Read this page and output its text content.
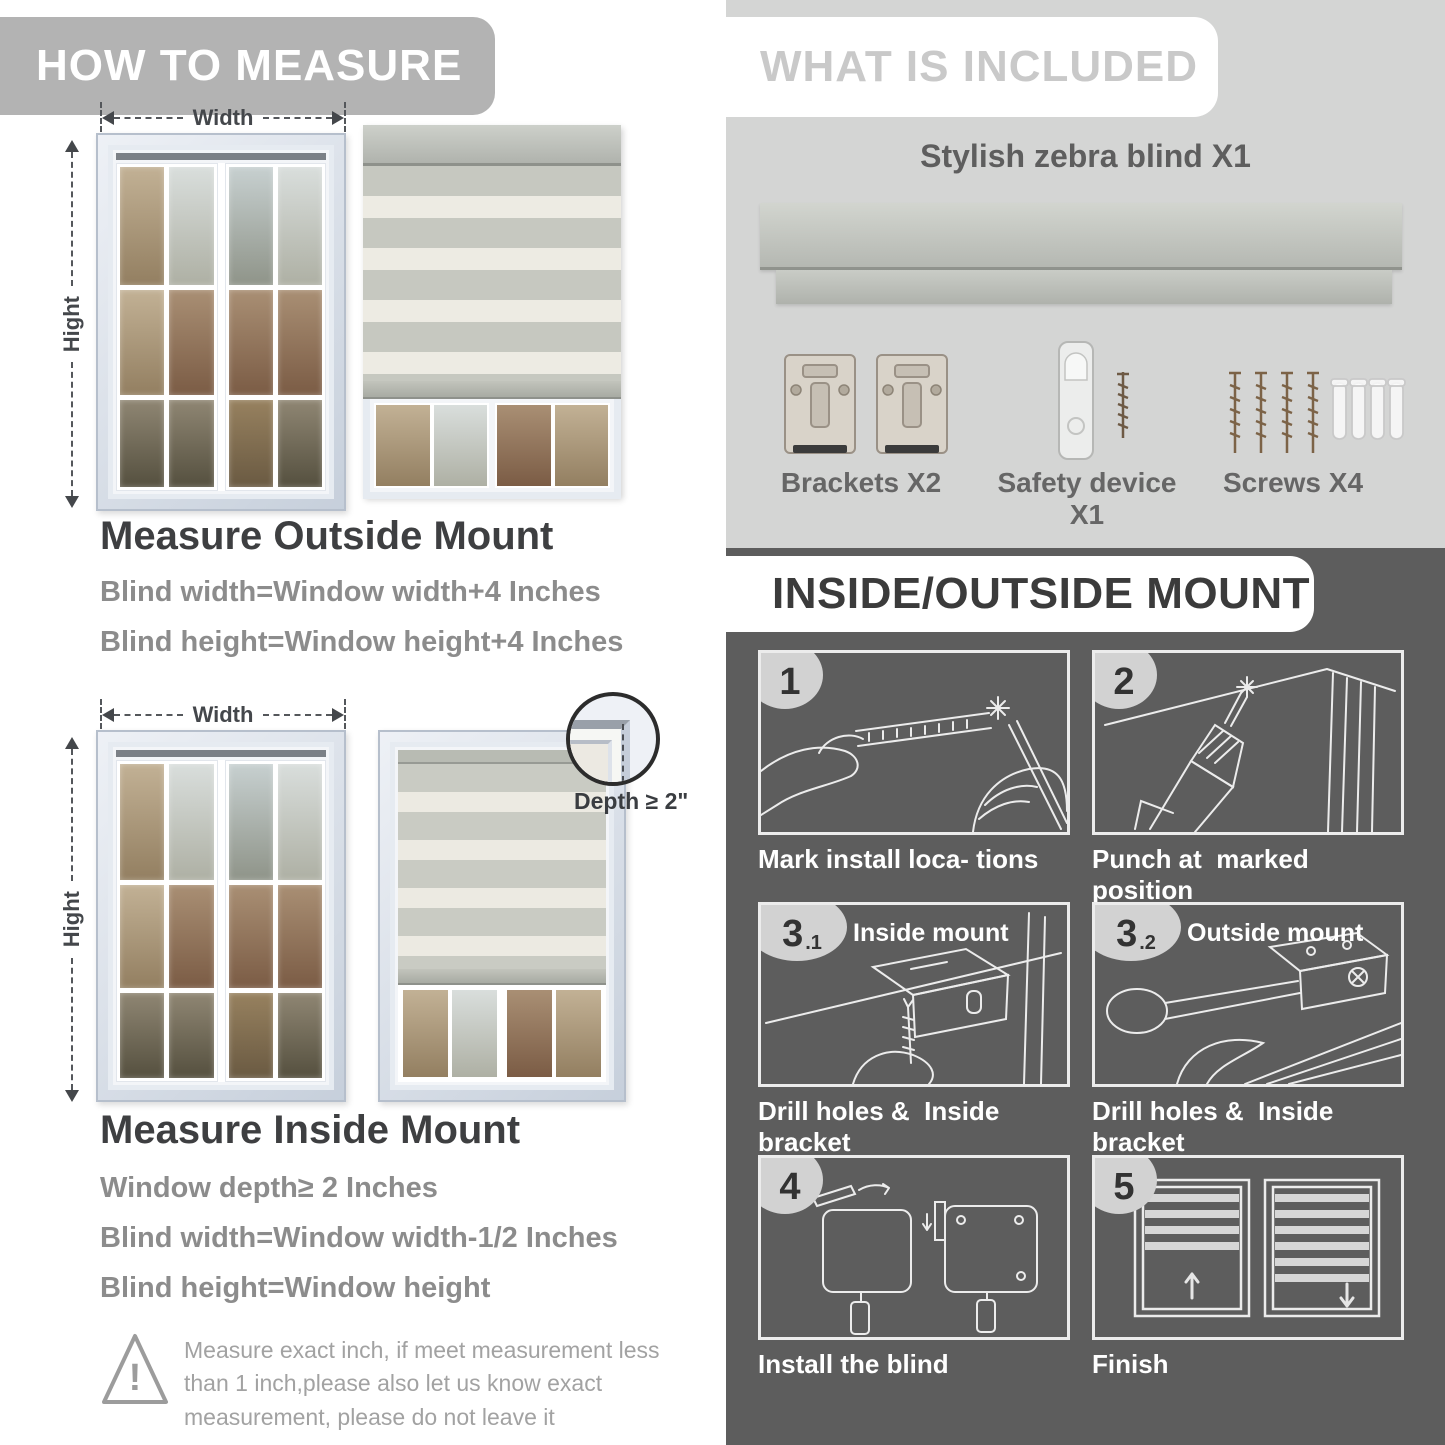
HOW TO MEASURE
Width
Hight
Measure Outside Mount
Blind width=Window width+4 Inches
Blind height=Window height+4 Inches
Width
Hight
Depth ≥ 2"
Measure Inside Mount
Window depth≥ 2 Inches
Blind width=Window width-1/2 Inches
Blind height=Window height
!
Measure exact inch, if meet measurement less than 1 inch,please also let us know exact measurement, please do not leave it
WHAT IS INCLUDED
Stylish zebra blind X1
Brackets X2	Safety device X1
Screws X4
INSIDE/OUTSIDE MOUNT
1
Mark install loca- tions
2
Punch at  marked position
3 .1 Inside mount
Drill holes &  Inside bracket
3 .2 Outside mount
Drill holes &  Inside bracket
4
Install the blind
5
Finish
